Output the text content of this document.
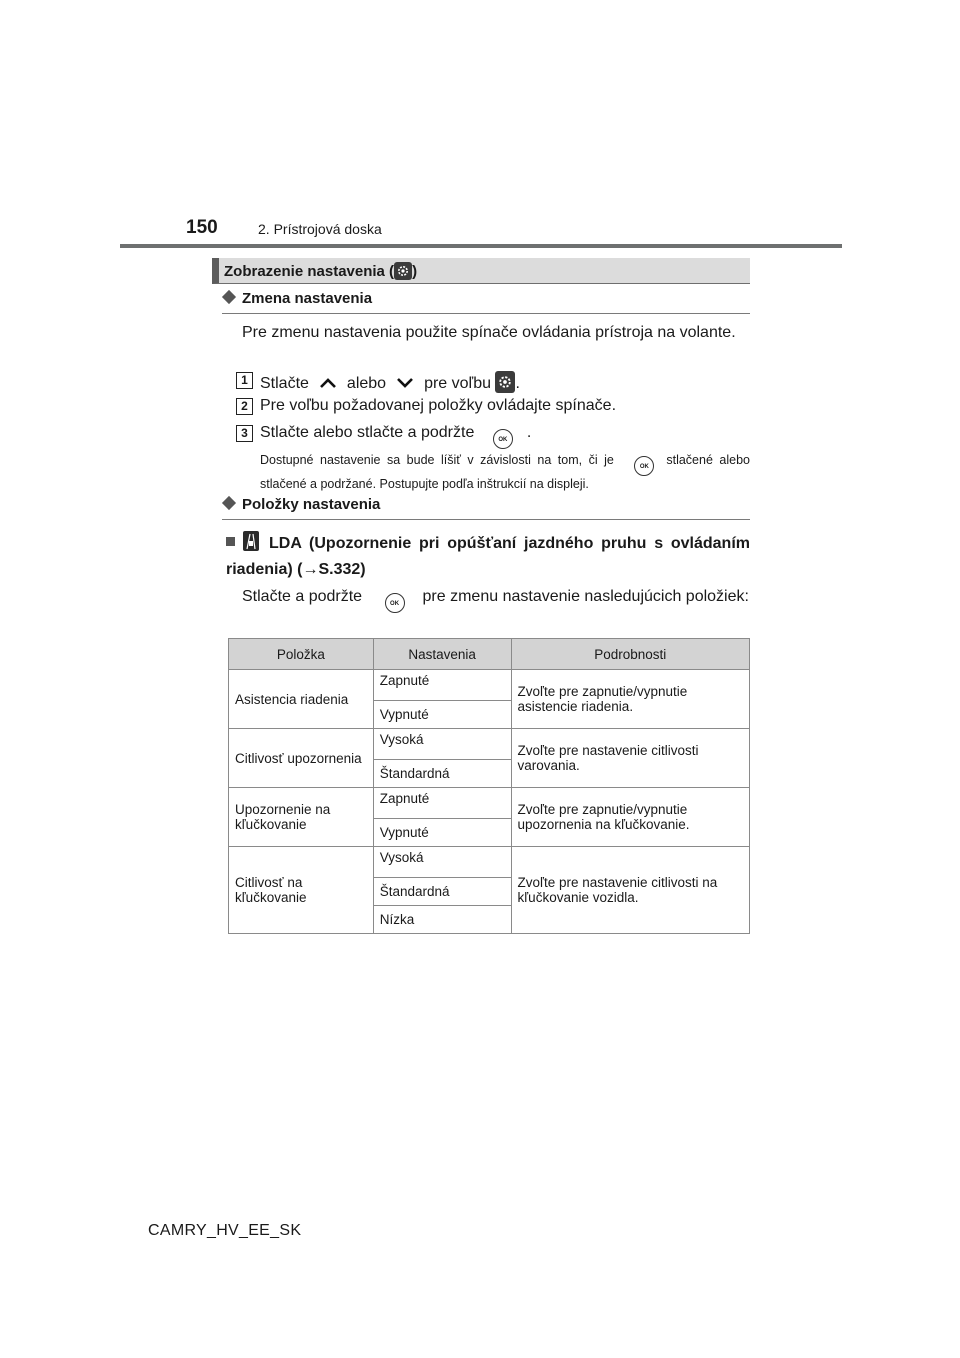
150	2. Prístrojová doska
Zobrazenie nastavenia ( )
Zmena nastavenia
Pre zmenu nastavenia použite spínače ovládania prístroja na volante.
1 Stlačte alebo pre voľbu .
2 Pre voľbu požadovanej položky ovládajte spínače.
3 Stlačte alebo stlačte a podržte	OK .
Dostupné nastavenie sa bude líšiť v závislosti na tom, či je	OK stlačené alebo stlačené a podržané. Postupujte podľa inštrukcií na displeji.
Položky nastavenia
LDA (Upozornenie pri opúšťaní jazdného pruhu s ovládaním riadenia) (→S.332)
Stlačte a podržte	OK pre zmenu nastavenie nasledujúcich položiek:
Položka	Nastavenia	Podrobnosti
Asistencia riadenia	Zapnuté	Zvoľte pre zapnutie/vypnutie asistencie riadenia.
	Vypnuté	
Citlivosť upozornenia	Vysoká	Zvoľte pre nastavenie citlivosti varovania.
	Štandardná	
Upozornenie na kľučkovanie	Zapnuté	Zvoľte pre zapnutie/vypnutie upozornenia na kľučkovanie.
	Vypnuté	
Citlivosť na kľučkovanie	Vysoká	Zvoľte pre nastavenie citlivosti na kľučkovanie vozidla.
	Štandardná	
	Nízka	
CAMRY_HV_EE_SK
